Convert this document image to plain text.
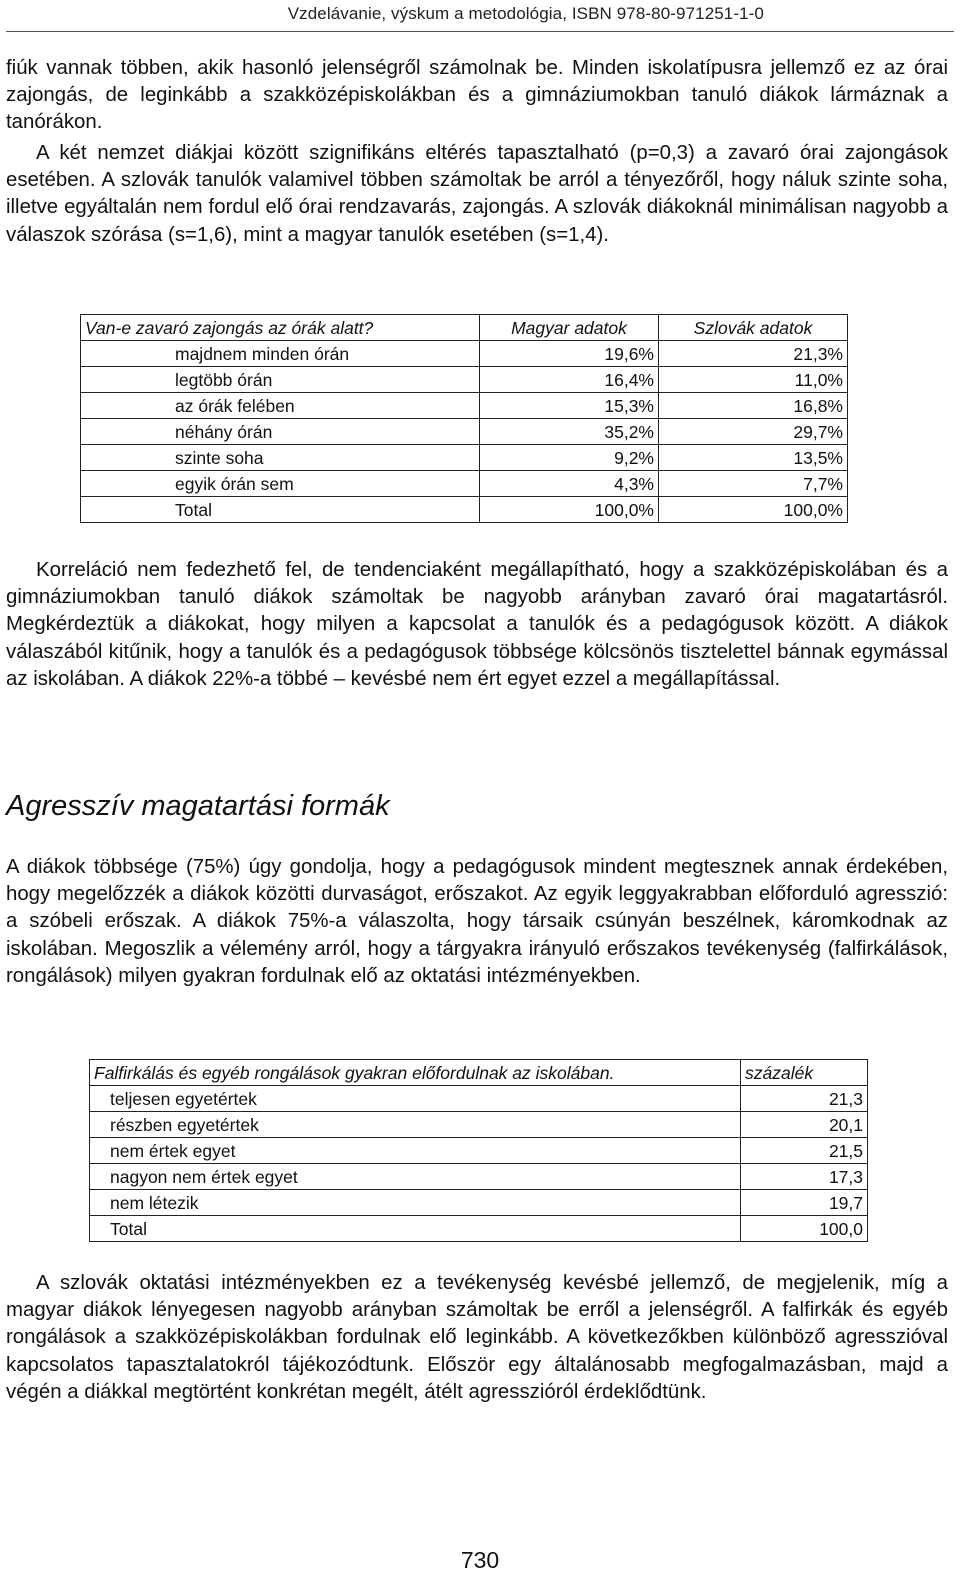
Vzdelávanie, výskum a metodológia, ISBN 978-80-971251-1-0

fiúk vannak többen, akik hasonló jelenségről számolnak be. Minden iskolatípusra jellemző ez az órai zajongás, de leginkább a szakközépiskolákban és a gimnáziumokban tanuló diákok lármáznak a tanórákon.

A két nemzet diákjai között szignifikáns eltérés tapasztalható (p=0,3) a zavaró órai zajongások esetében. A szlovák tanulók valamivel többen számoltak be arról a tényezőről, hogy náluk szinte soha, illetve egyáltalán nem fordul elő órai rendzavarás, zajongás. A szlovák diákoknál minimálisan nagyobb a válaszok szórása (s=1,6), mint a magyar tanulók esetében (s=1,4).

Van-e zavaró zajongás az órák alatt?	Magyar adatok	Szlovák adatok
majdnem minden órán	19,6%	21,3%
legtöbb órán	16,4%	11,0%
az órák felében	15,3%	16,8%
néhány órán	35,2%	29,7%
szinte soha	9,2%	13,5%
egyik órán sem	4,3%	7,7%
Total	100,0%	100,0%

Korreláció nem fedezhető fel, de tendenciaként megállapítható, hogy a szakközépiskolában és a gimnáziumokban tanuló diákok számoltak be nagyobb arányban zavaró órai magatartásról. Megkérdeztük a diákokat, hogy milyen a kapcsolat a tanulók és a pedagógusok között. A diákok válaszából kitűnik, hogy a tanulók és a pedagógusok többsége kölcsönös tisztelettel bánnak egymással az iskolában. A diákok 22%-a többé – kevésbé nem ért egyet ezzel a megállapítással.

Agresszív magatartási formák

A diákok többsége (75%) úgy gondolja, hogy a pedagógusok mindent megtesznek annak érdekében, hogy megelőzzék a diákok közötti durvaságot, erőszakot. Az egyik leggyakrabban előforduló agresszió: a szóbeli erőszak. A diákok 75%-a válaszolta, hogy társaik csúnyán beszélnek, káromkodnak az iskolában. Megoszlik a vélemény arról, hogy a tárgyakra irányuló erőszakos tevékenység (falfirkálások, rongálások) milyen gyakran fordulnak elő az oktatási intézményekben.

Falfirkálás és egyéb rongálások gyakran előfordulnak az iskolában.	százalék
teljesen egyetértek	21,3
részben egyetértek	20,1
nem értek egyet	21,5
nagyon nem értek egyet	17,3
nem létezik	19,7
Total	100,0

A szlovák oktatási intézményekben ez a tevékenység kevésbé jellemző, de megjelenik, míg a magyar diákok lényegesen nagyobb arányban számoltak be erről a jelenségről. A falfirkák és egyéb rongálások a szakközépiskolákban fordulnak elő leginkább. A következőkben különböző agresszióval kapcsolatos tapasztalatokról tájékozódtunk. Először egy általánosabb megfogalmazásban, majd a végén a diákkal megtörtént konkrétan megélt, átélt agresszióról érdeklődtünk.

730
